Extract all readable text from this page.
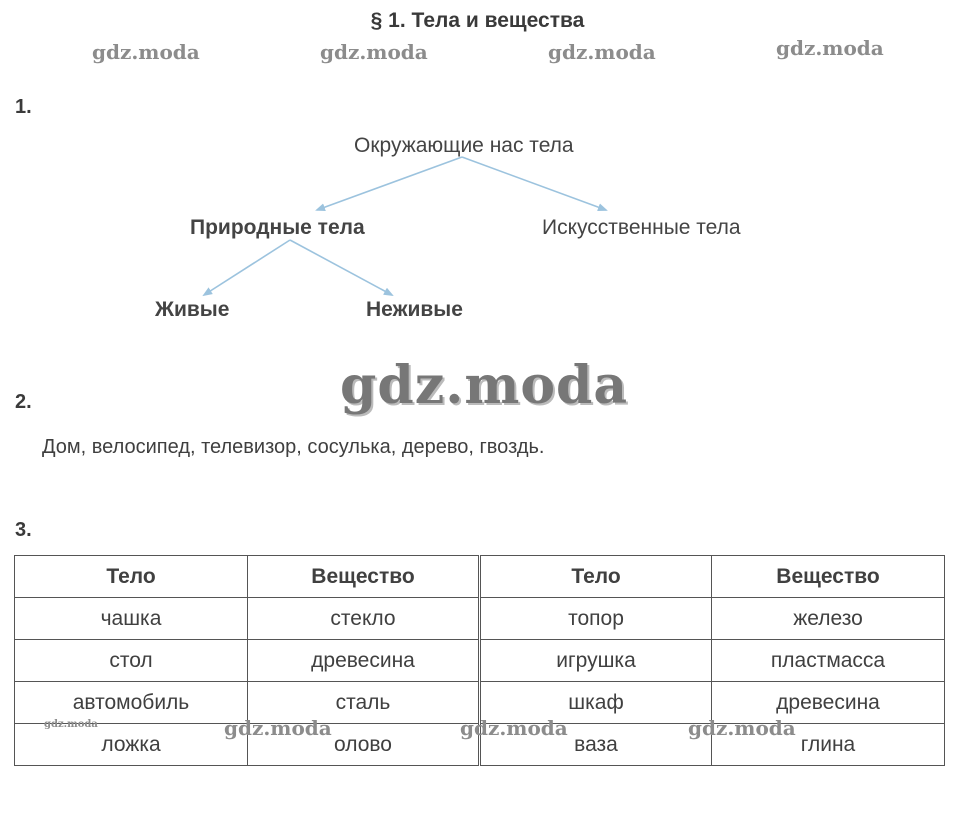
§ 1. Тела и вещества
gdz.moda	gdz.moda	gdz.moda	gdz.moda
1.
Окружающие нас тела
Природные тела	Искусственные тела
Живые	Неживые
2.	gdz.moda
Дом, велосипед, телевизор, сосулька, дерево, гвоздь.
3.
Тело	Вещество	Тело	Вещество
чашка	стекло	топор	железо
стол	древесина	игрушка	пластмасса
автомобиль	сталь	шкаф	древесина
ложка	олово	ваза	глина
gdz.moda	gdz.moda	gdz.moda	gdz.moda
